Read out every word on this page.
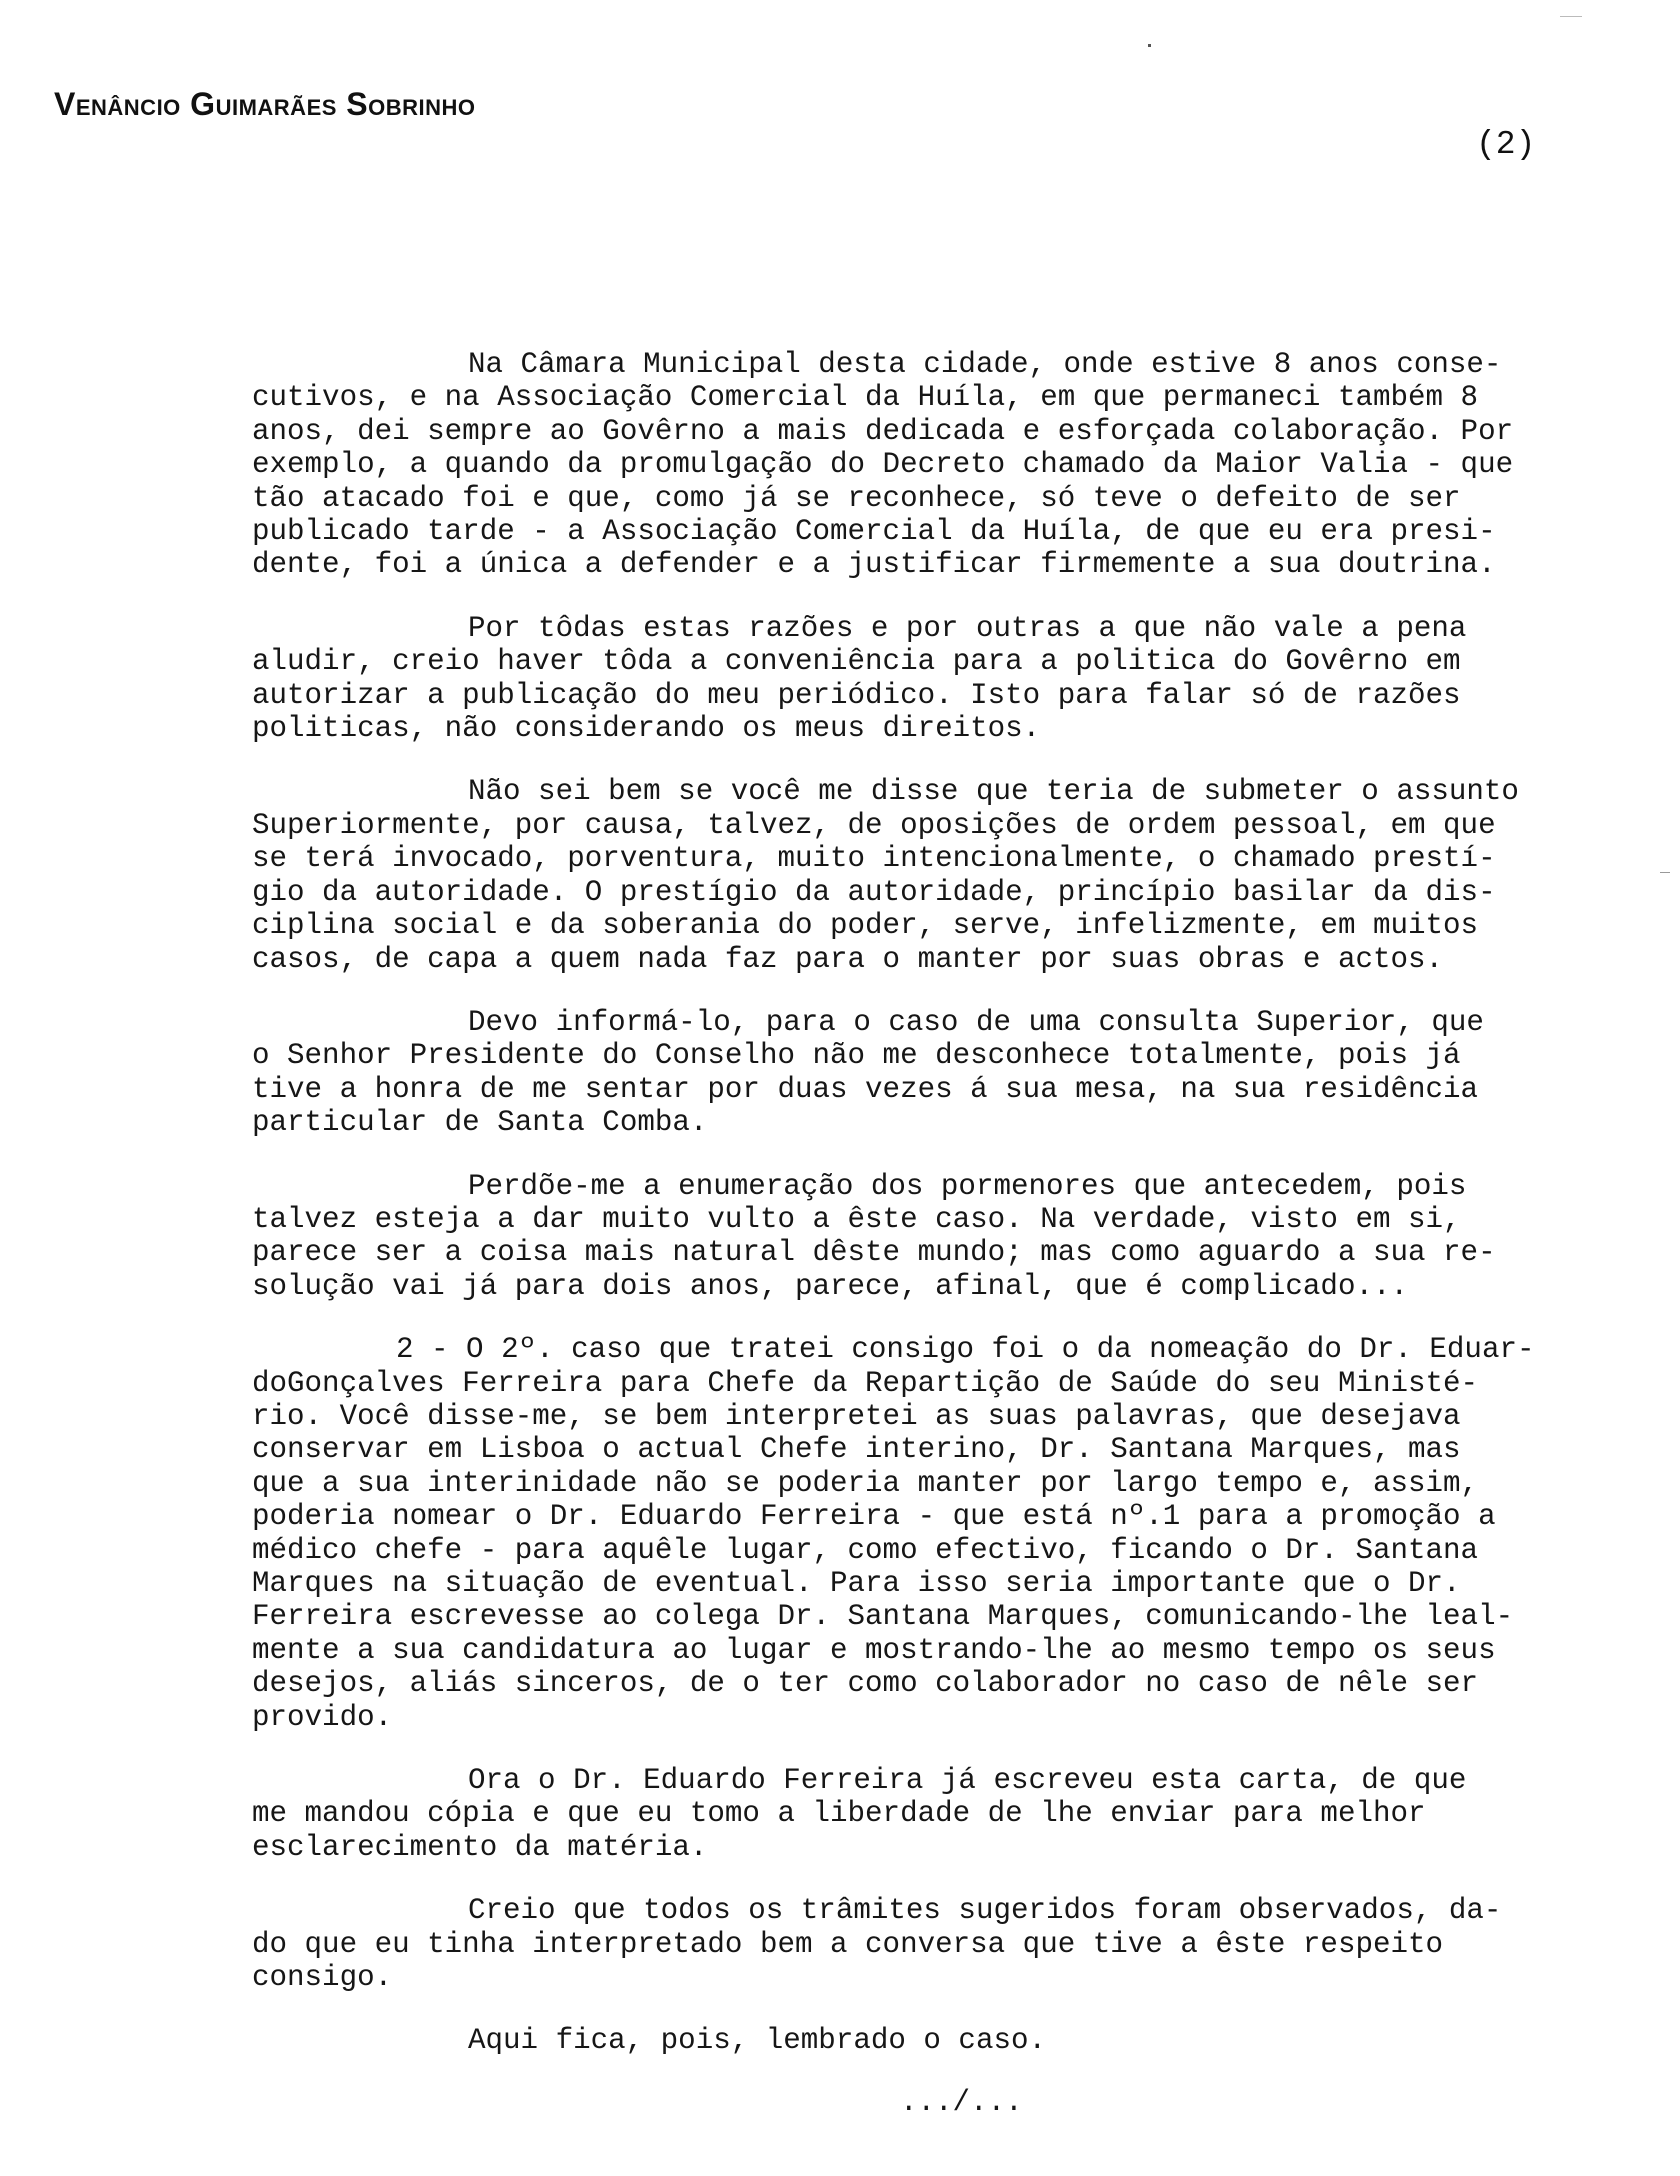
Venâncio Guimarães Sobrinho
(2)

Na Câmara Municipal desta cidade, onde estive 8 anos conse-
cutivos, e na Associação Comercial da Huíla, em que permaneci também 8
anos, dei sempre ao Govêrno a mais dedicada e esforçada colaboração. Por
exemplo, a quando da promulgação do Decreto chamado da Maior Valia - que
tão atacado foi e que, como já se reconhece, só teve o defeito de ser
publicado tarde - a Associação Comercial da Huíla, de que eu era presi-
dente, foi a única a defender e a justificar firmemente a sua doutrina.

Por tôdas estas razões e por outras a que não vale a pena
aludir, creio haver tôda a conveniência para a politica do Govêrno em
autorizar a publicação do meu periódico. Isto para falar só de razões
politicas, não considerando os meus direitos.

Não sei bem se você me disse que teria de submeter o assunto
Superiormente, por causa, talvez, de oposições de ordem pessoal, em que
se terá invocado, porventura, muito intencionalmente, o chamado prestí-
gio da autoridade. O prestígio da autoridade, princípio basilar da dis-
ciplina social e da soberania do poder, serve, infelizmente, em muitos
casos, de capa a quem nada faz para o manter por suas obras e actos.

Devo informá-lo, para o caso de uma consulta Superior, que
o Senhor Presidente do Conselho não me desconhece totalmente, pois já
tive a honra de me sentar por duas vezes á sua mesa, na sua residência
particular de Santa Comba.

Perdõe-me a enumeração dos pormenores que antecedem, pois
talvez esteja a dar muito vulto a êste caso. Na verdade, visto em si,
parece ser a coisa mais natural dêste mundo; mas como aguardo a sua re-
solução vai já para dois anos, parece, afinal, que é complicado...

2 - O 2º. caso que tratei consigo foi o da nomeação do Dr. Eduar-
doGonçalves Ferreira para Chefe da Repartição de Saúde do seu Ministé-
rio. Você disse-me, se bem interpretei as suas palavras, que desejava
conservar em Lisboa o actual Chefe interino, Dr. Santana Marques, mas
que a sua interinidade não se poderia manter por largo tempo e, assim,
poderia nomear o Dr. Eduardo Ferreira - que está nº.1 para a promoção a
médico chefe - para aquêle lugar, como efectivo, ficando o Dr. Santana
Marques na situação de eventual. Para isso seria importante que o Dr.
Ferreira escrevesse ao colega Dr. Santana Marques, comunicando-lhe leal-
mente a sua candidatura ao lugar e mostrando-lhe ao mesmo tempo os seus
desejos, aliás sinceros, de o ter como colaborador no caso de nêle ser
provido.

Ora o Dr. Eduardo Ferreira já escreveu esta carta, de que
me mandou cópia e que eu tomo a liberdade de lhe enviar para melhor
esclarecimento da matéria.

Creio que todos os trâmites sugeridos foram observados, da-
do que eu tinha interpretado bem a conversa que tive a êste respeito
consigo.

Aqui fica, pois, lembrado o caso.

.../...
